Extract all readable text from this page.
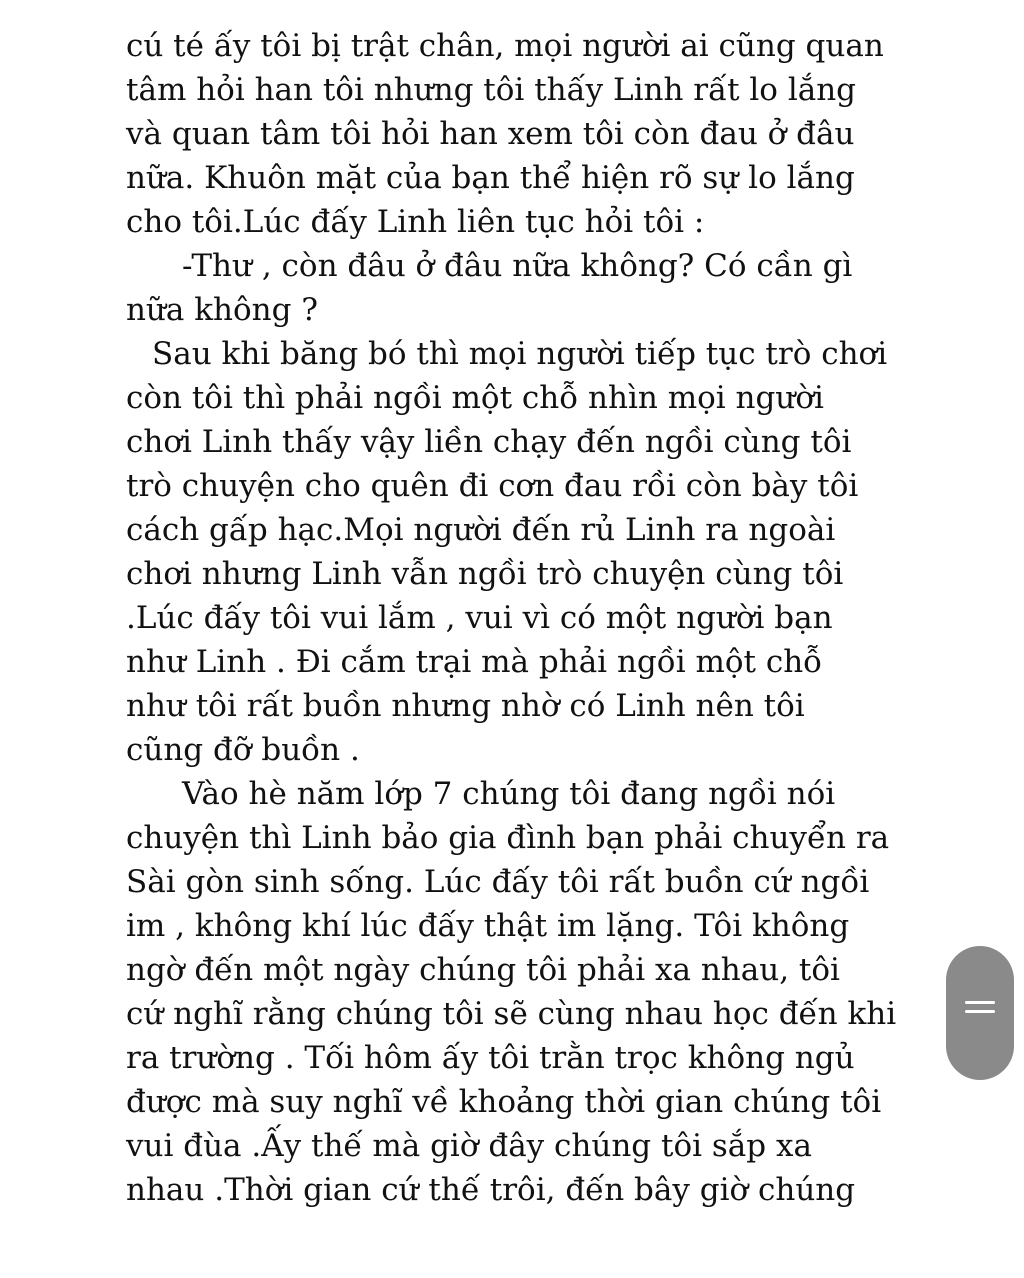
cú té ấy tôi bị trật chân, mọi người ai cũng quan
tâm hỏi han tôi nhưng tôi thấy Linh rất lo lắng
và quan tâm tôi hỏi han xem tôi còn đau ở đâu
nữa. Khuôn mặt của bạn thể hiện rõ sự lo lắng
cho tôi.Lúc đấy Linh liên tục hỏi tôi :
-Thư , còn đâu ở đâu nữa không? Có cần gì
nữa không ?
Sau khi băng bó thì mọi người tiếp tục trò chơi
còn tôi thì phải ngồi một chỗ nhìn mọi người
chơi Linh thấy vậy liền chạy đến ngồi cùng tôi
trò chuyện cho quên đi cơn đau rồi còn bày tôi
cách gấp hạc.Mọi người đến rủ Linh ra ngoài
chơi nhưng Linh vẫn ngồi trò chuyện cùng tôi
.Lúc đấy tôi vui lắm , vui vì có một người bạn
như Linh . Đi cắm trại mà phải ngồi một chỗ
như tôi rất buồn nhưng nhờ có Linh nên tôi
cũng đỡ buồn .
Vào hè năm lớp 7 chúng tôi đang ngồi nói
chuyện thì Linh bảo gia đình bạn phải chuyển ra
Sài gòn sinh sống. Lúc đấy tôi rất buồn cứ ngồi
im , không khí lúc đấy thật im lặng. Tôi không
ngờ đến một ngày chúng tôi phải xa nhau, tôi
cứ nghĩ rằng chúng tôi sẽ cùng nhau học đến khi
ra trường . Tối hôm ấy tôi trằn trọc không ngủ
được mà suy nghĩ về khoảng thời gian chúng tôi
vui đùa .Ấy thế mà giờ đây chúng tôi sắp xa
nhau .Thời gian cứ thế trôi, đến bây giờ chúng
